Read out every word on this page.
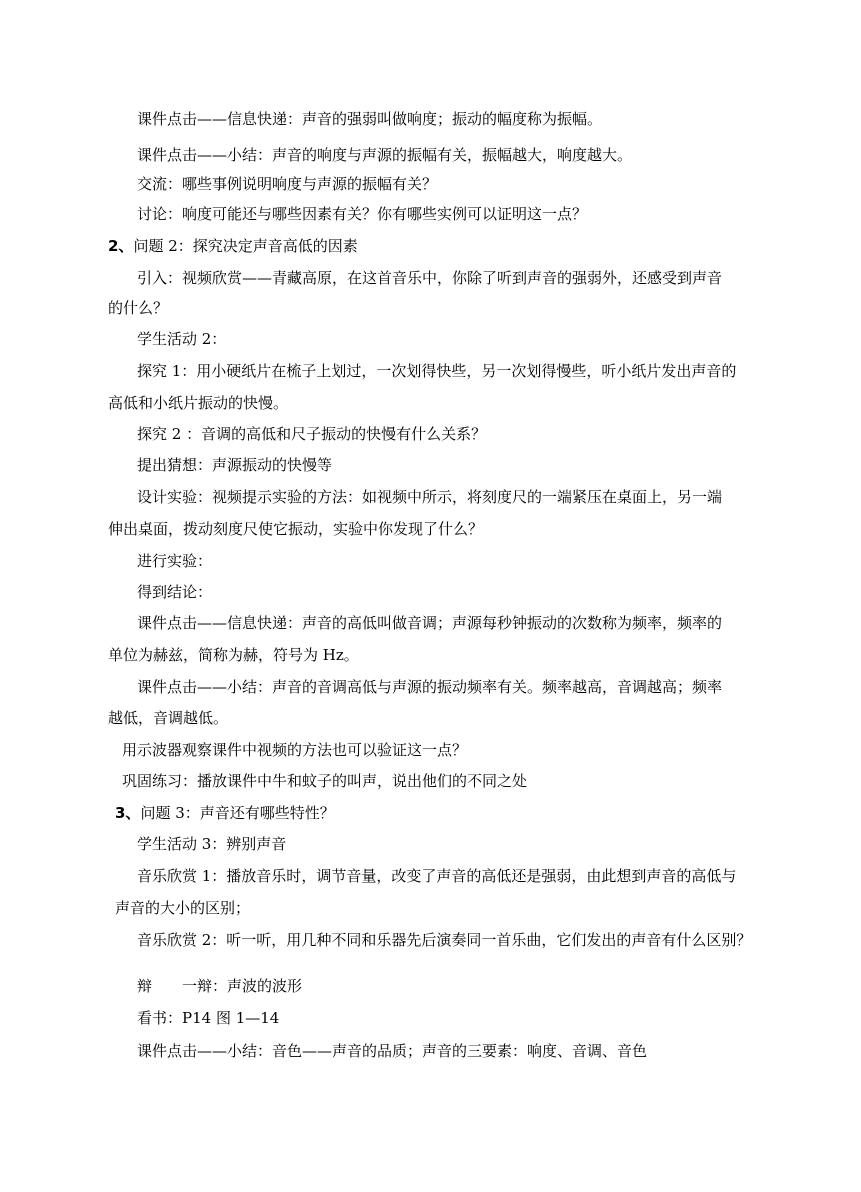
课件点击——信息快递：声音的强弱叫做响度；振动的幅度称为振幅。
课件点击——小结：声音的响度与声源的振幅有关，振幅越大，响度越大。
交流：哪些事例说明响度与声源的振幅有关？
讨论：响度可能还与哪些因素有关？你有哪些实例可以证明这一点？
2、问题 2：探究决定声音高低的因素
引入：视频欣赏——青藏高原，在这首音乐中，你除了听到声音的强弱外，还感受到声音
的什么？
学生活动 2：
探究 1：用小硬纸片在梳子上划过，一次划得快些，另一次划得慢些，听小纸片发出声音的
高低和小纸片振动的快慢。
探究 2 ：音调的高低和尺子振动的快慢有什么关系？
提出猜想：声源振动的快慢等
设计实验：视频提示实验的方法：如视频中所示，将刻度尺的一端紧压在桌面上，另一端
伸出桌面，拨动刻度尺使它振动，实验中你发现了什么？
进行实验：
得到结论：
课件点击——信息快递：声音的高低叫做音调；声源每秒钟振动的次数称为频率，频率的
单位为赫兹，简称为赫，符号为 Hz。
课件点击——小结：声音的音调高低与声源的振动频率有关。频率越高，音调越高；频率
越低，音调越低。
用示波器观察课件中视频的方法也可以验证这一点？
巩固练习：播放课件中牛和蚊子的叫声，说出他们的不同之处
3、问题 3：声音还有哪些特性？
学生活动 3：辨别声音
音乐欣赏 1：播放音乐时，调节音量，改变了声音的高低还是强弱，由此想到声音的高低与
声音的大小的区别；
音乐欣赏 2：听一听，用几种不同和乐器先后演奏同一首乐曲，它们发出的声音有什么区别？
辩　　一辩：声波的波形
看书：P14 图 1—14
课件点击——小结：音色——声音的品质；声音的三要素：响度、音调、音色
